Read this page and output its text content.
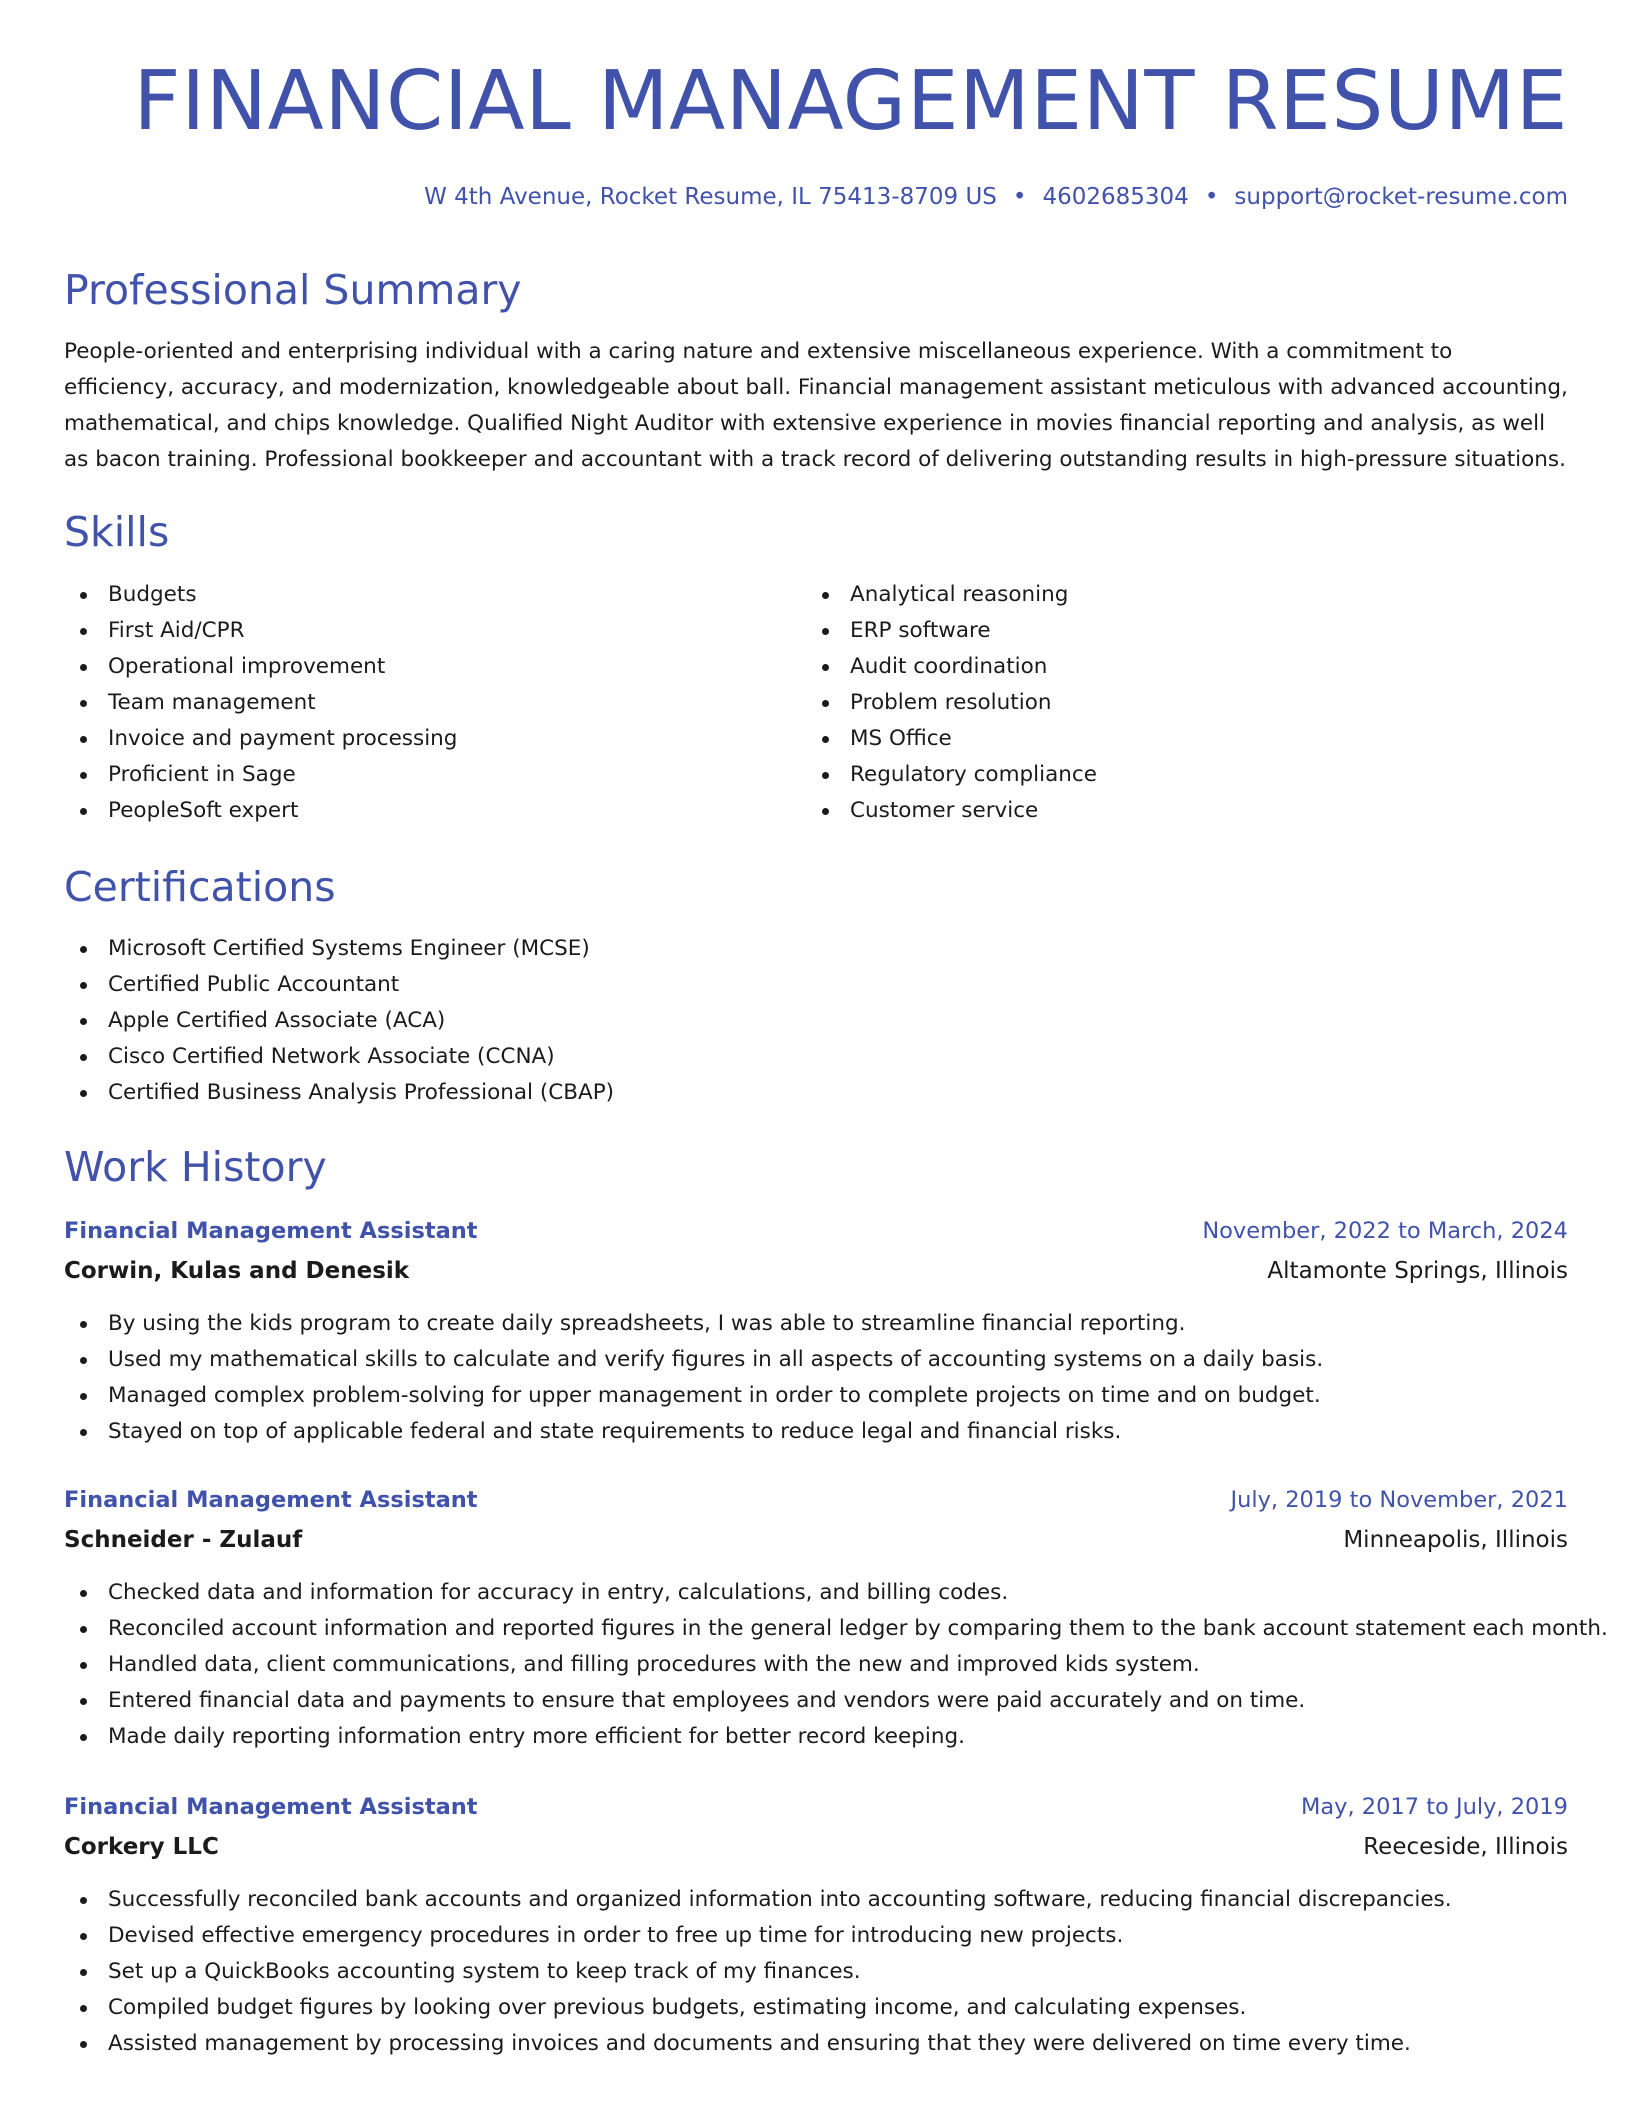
FINANCIAL MANAGEMENT RESUME
W 4th Avenue, Rocket Resume, IL 75413-8709 US • 4602685304 • support@rocket-resume.com
Professional Summary

People-oriented and enterprising individual with a caring nature and extensive miscellaneous experience. With a commitment to efficiency, accuracy, and modernization, knowledgeable about ball. Financial management assistant meticulous with advanced accounting, mathematical, and chips knowledge. Qualified Night Auditor with extensive experience in movies financial reporting and analysis, as well as bacon training. Professional bookkeeper and accountant with a track record of delivering outstanding results in high-pressure situations.

Skills
Budgets
First Aid/CPR
Operational improvement
Team management
Invoice and payment processing
Proficient in Sage
PeopleSoft expert
Analytical reasoning
ERP software
Audit coordination
Problem resolution
MS Office
Regulatory compliance
Customer service
Certifications
Microsoft Certified Systems Engineer (MCSE)
Certified Public Accountant
Apple Certified Associate (ACA)
Cisco Certified Network Associate (CCNA)
Certified Business Analysis Professional (CBAP)
Work History
Financial Management Assistant	November, 2022 to March, 2024
Corwin, Kulas and Denesik	Altamonte Springs, Illinois
By using the kids program to create daily spreadsheets, I was able to streamline financial reporting.
Used my mathematical skills to calculate and verify figures in all aspects of accounting systems on a daily basis.
Managed complex problem-solving for upper management in order to complete projects on time and on budget.
Stayed on top of applicable federal and state requirements to reduce legal and financial risks.
Financial Management Assistant	July, 2019 to November, 2021
Schneider - Zulauf	Minneapolis, Illinois
Checked data and information for accuracy in entry, calculations, and billing codes.
Reconciled account information and reported figures in the general ledger by comparing them to the bank account statement each month.
Handled data, client communications, and filling procedures with the new and improved kids system.
Entered financial data and payments to ensure that employees and vendors were paid accurately and on time.
Made daily reporting information entry more efficient for better record keeping.
Financial Management Assistant	May, 2017 to July, 2019
Corkery LLC	Reeceside, Illinois
Successfully reconciled bank accounts and organized information into accounting software, reducing financial discrepancies.
Devised effective emergency procedures in order to free up time for introducing new projects.
Set up a QuickBooks accounting system to keep track of my finances.
Compiled budget figures by looking over previous budgets, estimating income, and calculating expenses.
Assisted management by processing invoices and documents and ensuring that they were delivered on time every time.
